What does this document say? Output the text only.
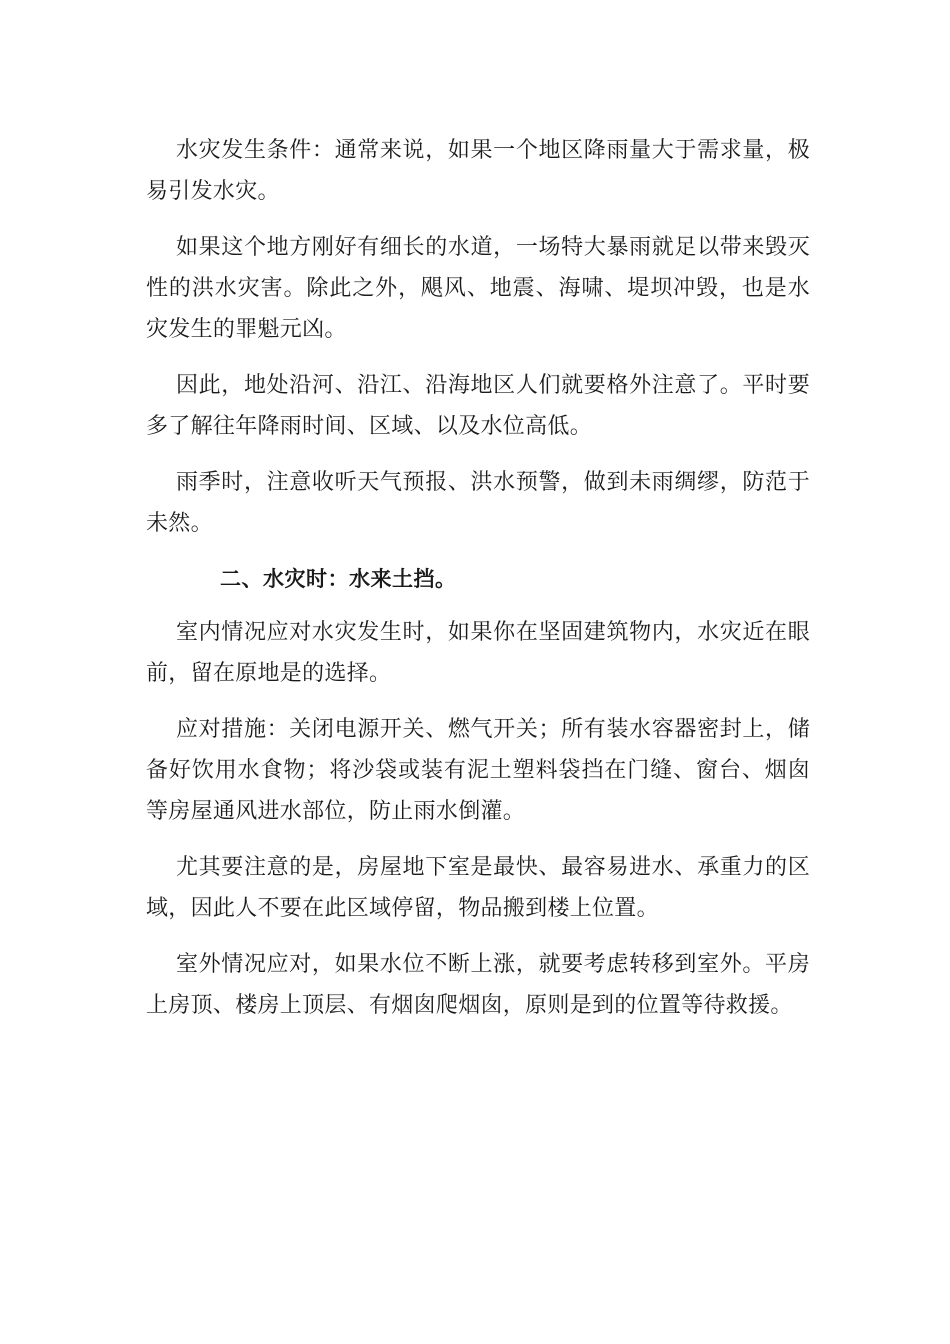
水灾发生条件：通常来说，如果一个地区降雨量大于需求量，极易引发水灾。

如果这个地方刚好有细长的水道，一场特大暴雨就足以带来毁灭性的洪水灾害。除此之外，飓风、地震、海啸、堤坝冲毁，也是水灾发生的罪魁元凶。

因此，地处沿河、沿江、沿海地区人们就要格外注意了。平时要多了解往年降雨时间、区域、以及水位高低。

雨季时，注意收听天气预报、洪水预警，做到未雨绸缪，防范于未然。

二、水灾时：水来土挡。

室内情况应对水灾发生时，如果你在坚固建筑物内，水灾近在眼前，留在原地是的选择。

应对措施：关闭电源开关、燃气开关；所有装水容器密封上，储备好饮用水食物；将沙袋或装有泥土塑料袋挡在门缝、窗台、烟囱等房屋通风进水部位，防止雨水倒灌。

尤其要注意的是，房屋地下室是最快、最容易进水、承重力的区域，因此人不要在此区域停留，物品搬到楼上位置。

室外情况应对，如果水位不断上涨，就要考虑转移到室外。平房上房顶、楼房上顶层、有烟囱爬烟囱，原则是到的位置等待救援。
